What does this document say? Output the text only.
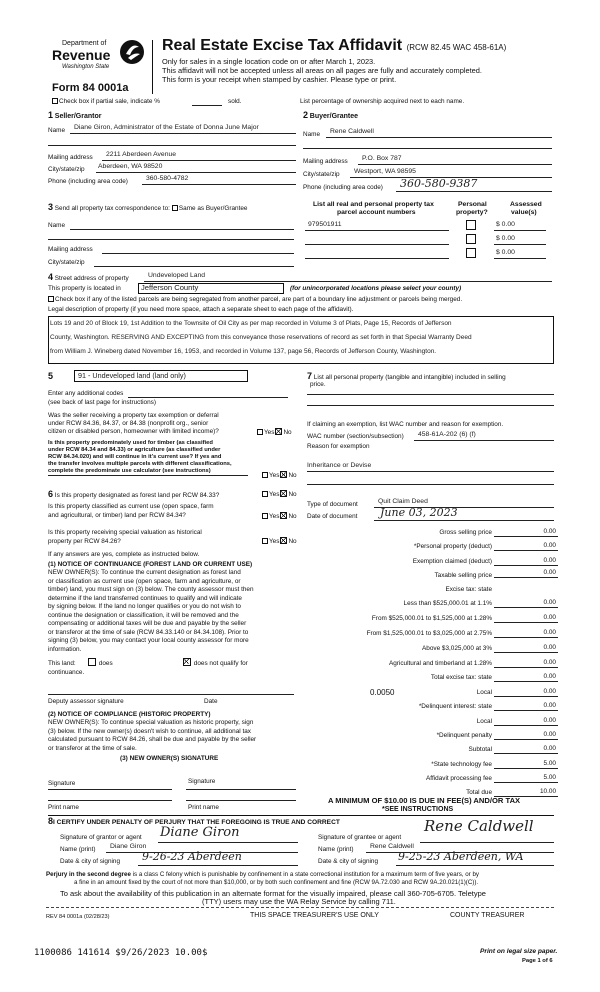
Department of
Revenue
Washington State
Form 84 0001a
Real Estate Excise Tax Affidavit (RCW 82.45 WAC 458-61A)
Only for sales in a single location code on or after March 1, 2023.
This affidavit will not be accepted unless all areas on all pages are fully and accurately completed.
This form is your receipt when stamped by cashier. Please type or print.
Check box if partial sale, indicate %	sold.	List percentage of ownership acquired next to each name.
1 Seller/Grantor
Name Diane Giron, Administrator of the Estate of Donna June Major
Mailing address 2211 Aberdeen Avenue
City/state/zip Aberdeen, WA 98520
Phone (including area code)	360-580-4782
2 Buyer/Grantee
Name Rene Caldwell
Mailing address P.O. Box 787
City/state/zip Westport, WA 98595
Phone (including area code) 360-580-9387
3 Send all property tax correspondence to: Same as Buyer/Grantee
Name
Mailing address
City/state/zip
List all real and personal property tax
parcel account numbers
Personal
property?
Assessed
value(s)
979501911	$ 0.00
$ 0.00
$ 0.00
4 Street address of property	Undeveloped Land
This property is located in	Jefferson County	(for unincorporated locations please select your county)
Check box if any of the listed parcels are being segregated from another parcel, are part of a boundary line adjustment or parcels being merged.
Legal description of property (if you need more space, attach a separate sheet to each page of the affidavit).
Lots 19 and 20 of Block 19, 1st Addition to the Townsite of Oil City as per map recorded in Volume 3 of Plats, Page 15, Records of Jefferson
County, Washington. RESERVING AND EXCEPTING from this conveyance those reservations of record as set forth in that Special Warranty Deed
from William J. Wineberg dated November 16, 1953, and recorded in Volume 137, page 56, Records of Jefferson County, Washington.
5	91 - Undeveloped land (land only)
Enter any additional codes
(see back of last page for instructions)
Was the seller receiving a property tax exemption or deferral
under RCW 84.36, 84.37, or 84.38 (nonprofit org., senior
citizen or disabled person, homeowner with limited income)?	Yes No
Is this property predominately used for timber (as classified
under RCW 84.34 and 84.33) or agriculture (as classified under
RCW 84.34.020) and will continue in it's current use? If yes and
the transfer involves multiple parcels with different classifications,
complete the predominate use calculator (see instructions)
Yes No
6 Is this property designated as forest land per RCW 84.33?	Yes No
Is this property classified as current use (open space, farm
and agricultural, or timber) land per RCW 84.34?	Yes No
Is this property receiving special valuation as historical
property per RCW 84.26?	Yes No
If any answers are yes, complete as instructed below.
(1) NOTICE OF CONTINUANCE (FOREST LAND OR CURRENT USE)
NEW OWNER(S): To continue the current designation as forest land
or classification as current use (open space, farm and agriculture, or
timber) land, you must sign on (3) below. The county assessor must then
determine if the land transferred continues to qualify and will indicate
by signing below. If the land no longer qualifies or you do not wish to
continue the designation or classification, it will be removed and the
compensating or additional taxes will be due and payable by the seller
or transferor at the time of sale (RCW 84.33.140 or 84.34.108). Prior to
signing (3) below, you may contact your local county assessor for more
information.
This land:	does	does not qualify for
continuance.
Deputy assessor signature	Date
(2) NOTICE OF COMPLIANCE (HISTORIC PROPERTY)
NEW OWNER(S): To continue special valuation as historic property, sign
(3) below. If the new owner(s) doesn't wish to continue, all additional tax
calculated pursuant to RCW 84.26, shall be due and payable by the seller
or transferor at the time of sale.
(3) NEW OWNER(S) SIGNATURE
Signature	Signature
Print name	Print name
7 List all personal property (tangible and intangible) included in selling
price.
If claiming an exemption, list WAC number and reason for exemption.
WAC number (section/subsection) 458-61A-202 (6) (f)
Reason for exemption
Inheritance or Devise
Type of document	Quit Claim Deed
Date of document June 03, 2023
Gross selling price	0.00
*Personal property (deduct)	0.00
Exemption claimed (deduct)	0.00
Taxable selling price	0.00
Excise tax: state
Less than $525,000.01 at 1.1%	0.00
From $525,000.01 to $1,525,000 at 1.28%	0.00
From $1,525,000.01 to $3,025,000 at 2.75%	0.00
Above $3,025,000 at 3%	0.00
Agricultural and timberland at 1.28%	0.00
Total excise tax: state	0.00
0.0050	Local	0.00
*Delinquent interest: state	0.00
Local	0.00
*Delinquent penalty	0.00
Subtotal	0.00
*State technology fee	5.00
Affidavit processing fee	5.00
Total due	10.00
A MINIMUM OF $10.00 IS DUE IN FEE(S) AND/OR TAX
*SEE INSTRUCTIONS
8I CERTIFY UNDER PENALTY OF PERJURY THAT THE FOREGOING IS TRUE AND CORRECT
Signature of grantor or agent Diane Giron
Name (print) Diane Giron
Date & city of signing 9-26-23 Aberdeen
Signature of grantee or agent
Rene Caldwell
Name (print) Rene Caldwell
Date & city of signing 9-25-23 Aberdeen, WA
Perjury in the second degree is a class C felony which is punishable by confinement in a state correctional institution for a maximum term of five years, or by
a fine in an amount fixed by the court of not more than $10,000, or by both such confinement and fine (RCW 9A.72.030 and RCW 9A.20.021(1)(C)).
To ask about the availability of this publication in an alternate format for the visually impaired, please call 360-705-6705. Teletype
(TTY) users may use the WA Relay Service by calling 711.
REV 84 0001a (02/28/23)	THIS SPACE TREASURER'S USE ONLY	COUNTY TREASURER
1100086 141614 $9/26/2023 10.00$	Print on legal size paper.
Page 1 of 6
